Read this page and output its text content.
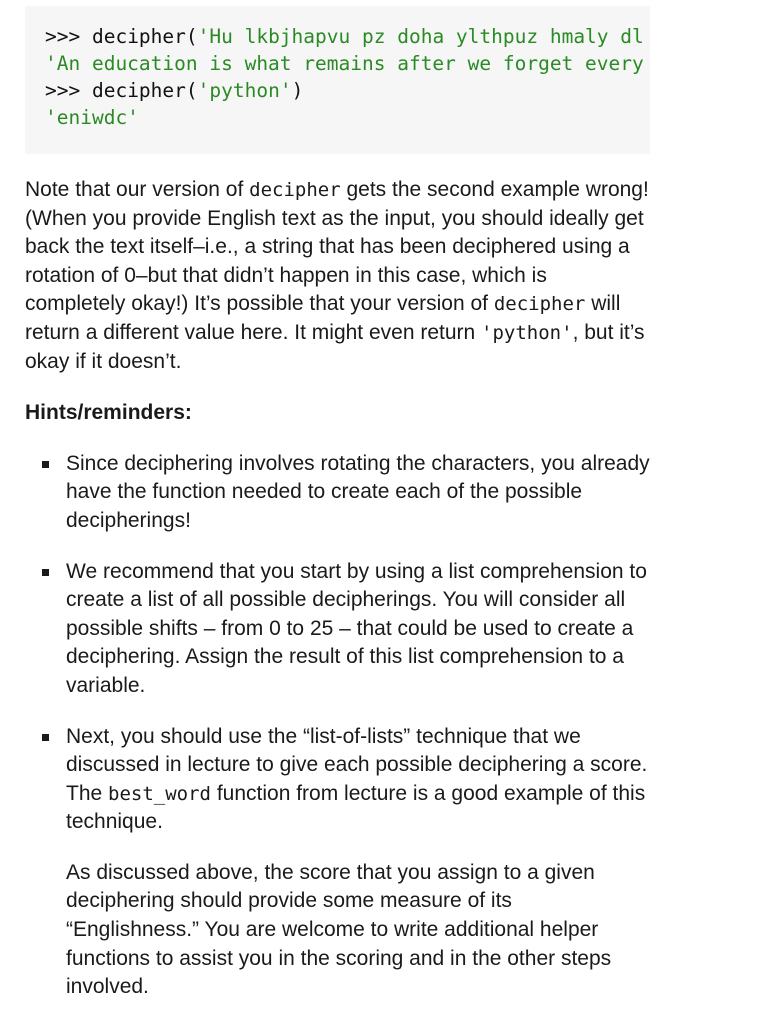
>>> decipher('Hu lkbjhapvu pz doha ylthpuz hmaly dl
'An education is what remains after we forget every
>>> decipher('python')
'eniwdc'

Note that our version of decipher gets the second example wrong! (When you provide English text as the input, you should ideally get back the text itself–i.e., a string that has been deciphered using a rotation of 0–but that didn’t happen in this case, which is completely okay!) It’s possible that your version of decipher will return a different value here. It might even return 'python', but it’s okay if it doesn’t.

Hints/reminders:

Since deciphering involves rotating the characters, you already have the function needed to create each of the possible decipherings!

We recommend that you start by using a list comprehension to create a list of all possible decipherings. You will consider all possible shifts – from 0 to 25 – that could be used to create a deciphering. Assign the result of this list comprehension to a variable.

Next, you should use the “list-of-lists” technique that we discussed in lecture to give each possible deciphering a score. The best_word function from lecture is a good example of this technique.

As discussed above, the score that you assign to a given deciphering should provide some measure of its “Englishness.” You are welcome to write additional helper functions to assist you in the scoring and in the other steps involved.
